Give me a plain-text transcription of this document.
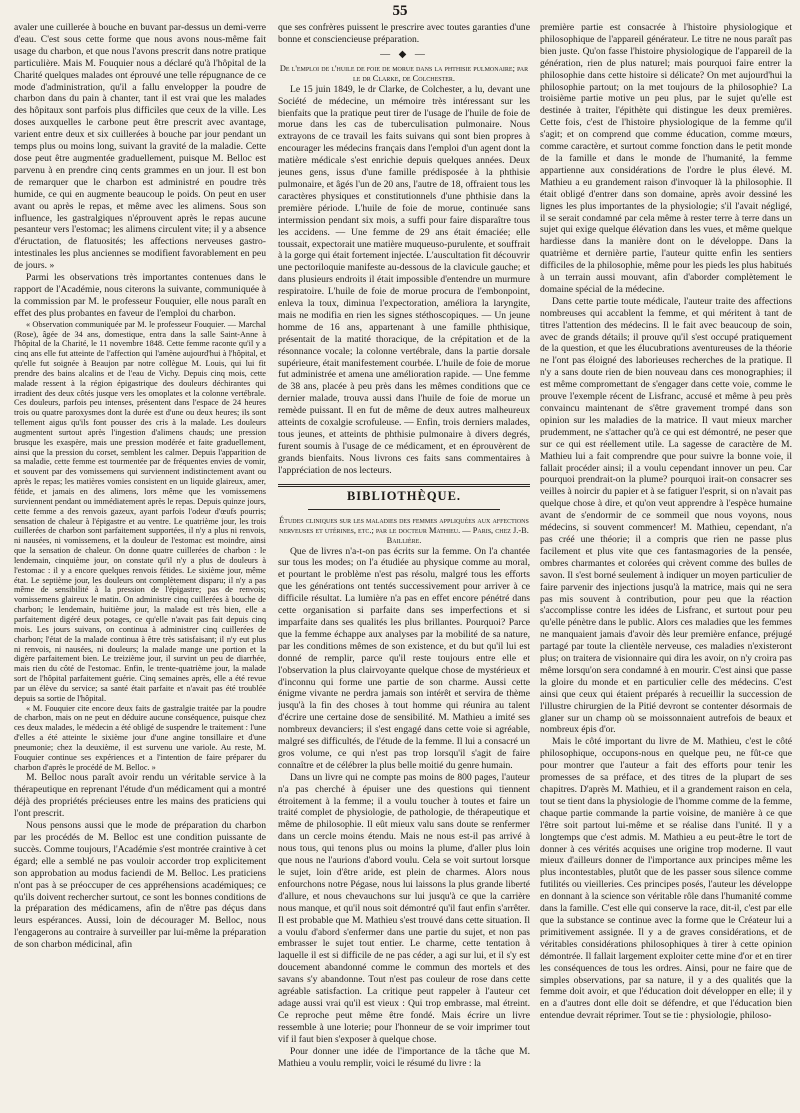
55

avaler une cuillerée à bouche en buvant par-dessus un demi-verre d'eau. C'est sous cette forme que nous avons nous-même fait usage du charbon, et que nous l'avons prescrit dans notre pratique particulière. Mais M. Fouquier nous a déclaré qu'à l'hôpital de la Charité quelques malades ont éprouvé une telle répugnance de ce mode d'administration, qu'il a fallu envelopper la poudre de charbon dans du pain à chanter, tant il est vrai que les malades des hôpitaux sont parfois plus difficiles que ceux de la ville. Les doses auxquelles le carbone peut être prescrit avec avantage, varient entre deux et six cuillerées à bouche par jour pendant un temps plus ou moins long, suivant la gravité de la maladie. Cette dose peut être augmentée graduellement, puisque M. Belloc est parvenu à en prendre cinq cents grammes en un jour. Il est bon de remarquer que le charbon est administré en poudre très humide, ce qui en augmente beaucoup le poids. On peut en user avant ou après le repas, et même avec les alimens. Sous son influence, les gastralgiques n'éprouvent après le repas aucune pesanteur vers l'estomac; les alimens circulent vite; il y a absence d'éructation, de flatuosités; les affections nerveuses gastro-intestinales les plus anciennes se modifient favorablement en peu de jours. »

Parmi les observations très importantes contenues dans le rapport de l'Académie, nous citerons la suivante, communiquée à la commission par M. le professeur Fouquier, elle nous paraît en effet des plus probantes en faveur de l'emploi du charbon.

« Observation communiquée par M. le professeur Fouquier. — Marchal (Rose), âgée de 34 ans, domestique, entra dans la salle Saint-Anne à l'hôpital de la Charité, le 11 novembre 1848. Cette femme raconte qu'il y a cinq ans elle fut atteinte de l'affection qui l'amène aujourd'hui à l'hôpital, et qu'elle fut soignée à Beaujon par notre collègue M. Louis, qui lui fit prendre des bains alcalins et de l'eau de Vichy. Depuis cinq mois, cette malade ressent à la région épigastrique des douleurs déchirantes qui irradient des deux côtés jusque vers les omoplates et la colonne vertébrale. Ces douleurs, parfois peu intenses, présentent dans l'espace de 24 heures trois ou quatre paroxysmes dont la durée est d'une ou deux heures; ils sont tellement aigus qu'ils font pousser des cris à la malade. Les douleurs augmentent surtout après l'ingestion d'alimens chauds; une pression brusque les exaspère, mais une pression modérée et faite graduellement, ainsi que la pression du corset, semblent les calmer. Depuis l'apparition de sa maladie, cette femme est tourmentée par de fréquentes envies de vomir, et souvent par des vomissemens qui surviennent indistinctement avant ou après le repas; les matières vomies consistent en un liquide glaireux, amer, fétide, et jamais en des alimens, lors même que les vomissemens surviennent pendant ou immédiatement après le repas. Depuis quinze jours, cette femme a des renvois gazeux, ayant parfois l'odeur d'œufs pourris; sensation de chaleur à l'épigastre et au ventre. Le quatrième jour, les trois cuillerées de charbon sont parfaitement supportées, il n'y a plus ni renvois, ni nausées, ni vomissemens, et la douleur de l'estomac est moindre, ainsi que la sensation de chaleur. On donne quatre cuillerées de charbon : le lendemain, cinquième jour, on constate qu'il n'y a plus de douleurs à l'estomac : il y a encore quelques renvois fétides. Le sixième jour, même état. Le septième jour, les douleurs ont complètement disparu; il n'y a pas même de sensibilité à la pression de l'épigastre; pas de renvois; vomissemens glaireux le matin. On administre cinq cuillerées à bouche de charbon; le lendemain, huitième jour, la malade est très bien, elle a parfaitement digéré deux potages, ce qu'elle n'avait pas fait depuis cinq mois. Les jours suivans, on continua à administrer cinq cuillerées de charbon; l'état de la malade continua à être très satisfaisant; il n'y eut plus ni renvois, ni nausées, ni douleurs; la malade mange une portion et la digère parfaitement bien. Le treizième jour, il survint un peu de diarrhée, mais rien du côté de l'estomac. Enfin, le trente-quatrième jour, la malade sort de l'hôpital parfaitement guérie. Cinq semaines après, elle a été revue par un élève du service; sa santé était parfaite et n'avait pas été troublée depuis sa sortie de l'hôpital.

« M. Fouquier cite encore deux faits de gastralgie traitée par la poudre de charbon, mais on ne peut en déduire aucune conséquence, puisque chez ces deux malades, le médecin a été obligé de suspendre le traitement : l'une d'elles a été atteinte le sixième jour d'une angine tonsillaire et d'une pneumonie; chez la deuxième, il est survenu une variole. Au reste, M. Fouquier continue ses expériences et a l'intention de faire préparer du charbon d'après le procédé de M. Belloc. »

M. Belloc nous paraît avoir rendu un véritable service à la thérapeutique en reprenant l'étude d'un médicament qui a montré déjà des propriétés précieuses entre les mains des praticiens qui l'ont prescrit.

Nous pensons aussi que le mode de préparation du charbon par les procédés de M. Belloc est une condition puissante de succès. Comme toujours, l'Académie s'est montrée craintive à cet égard; elle a semblé ne pas vouloir accorder trop explicitement son approbation au modus faciendi de M. Belloc. Les praticiens n'ont pas à se préoccuper de ces appréhensions académiques; ce qu'ils doivent rechercher surtout, ce sont les bonnes conditions de la préparation des médicamens, afin de n'être pas déçus dans leurs espérances. Aussi, loin de décourager M. Belloc, nous l'engagerons au contraire à surveiller par lui-même la préparation de son charbon médicinal, afin

que ses confrères puissent le prescrire avec toutes garanties d'une bonne et consciencieuse préparation.

— ◆ —

De l'emploi de l'huile de foie de morue dans la phthisie pulmonaire; par le dr Clarke, de Colchester.

Le 15 juin 1849, le dr Clarke, de Colchester, a lu, devant une Société de médecine, un mémoire très intéressant sur les bienfaits que la pratique peut tirer de l'usage de l'huile de foie de morue dans les cas de tuberculisation pulmonaire. Nous extrayons de ce travail les faits suivans qui sont bien propres à encourager les médecins français dans l'emploi d'un agent dont la matière médicale s'est enrichie depuis quelques années. Deux jeunes gens, issus d'une famille prédisposée à la phthisie pulmonaire, et âgés l'un de 20 ans, l'autre de 18, offraient tous les caractères physiques et constitutionnels d'une phthisie dans la première période. L'huile de foie de morue, continuée sans intermission pendant six mois, a suffi pour faire disparaître tous les accidens. — Une femme de 29 ans était émaciée; elle toussait, expectorait une matière muqueuso-purulente, et souffrait à la gorge qui était fortement injectée. L'auscultation fit découvrir une pectoriloquie manifeste au-dessous de la clavicule gauche; et dans plusieurs endroits il était impossible d'entendre un murmure respiratoire. L'huile de foie de morue procura de l'embonpoint, enleva la toux, diminua l'expectoration, améliora la laryngite, mais ne modifia en rien les signes stéthoscopiques. — Un jeune homme de 16 ans, appartenant à une famille phthisique, présentait de la matité thoracique, de la crépitation et de la résonnance vocale; la colonne vertébrale, dans la partie dorsale supérieure, était manifestement courbée. L'huile de foie de morue fut administrée et amena une amélioration rapide. — Une femme de 38 ans, placée à peu près dans les mêmes conditions que ce dernier malade, trouva aussi dans l'huile de foie de morue un remède puissant. Il en fut de même de deux autres malheureux atteints de coxalgie scrofuleuse. — Enfin, trois derniers malades, tous jeunes, et atteints de phthisie pulmonaire à divers degrés, furent soumis à l'usage de ce médicament, et en éprouvèrent de grands bienfaits. Nous livrons ces faits sans commentaires à l'appréciation de nos lecteurs.

BIBLIOTHÈQUE.

Études cliniques sur les maladies des femmes appliquées aux affections nerveuses et utérines, etc.; par le docteur Mathieu. — Paris, chez J.-B. Baillière.

Que de livres n'a-t-on pas écrits sur la femme. On l'a chantée sur tous les modes; on l'a étudiée au physique comme au moral, et pourtant le problème n'est pas résolu, malgré tous les efforts que les générations ont tentés successivement pour arriver à ce difficile résultat. La lumière n'a pas en effet encore pénétré dans cette organisation si parfaite dans ses imperfections et si imparfaite dans ses qualités les plus brillantes. Pourquoi? Parce que la femme échappe aux analyses par la mobilité de sa nature, par les conditions mêmes de son existence, et du but qu'il lui est donné de remplir, parce qu'il reste toujours entre elle et l'observation la plus clairvoyante quelque chose de mystérieux et d'inconnu qui forme une partie de son charme. Aussi cette énigme vivante ne perdra jamais son intérêt et servira de thème jusqu'à la fin des choses à tout homme qui réunira au talent d'écrire une certaine dose de sensibilité. M. Mathieu a imité ses nombreux devanciers; il s'est engagé dans cette voie si agréable, malgré ses difficultés, de l'étude de la femme. Il lui a consacré un gros volume, ce qui n'est pas trop lorsqu'il s'agit de faire connaître et de célébrer la plus belle moitié du genre humain.

Dans un livre qui ne compte pas moins de 800 pages, l'auteur n'a pas cherché à épuiser une des questions qui tiennent étroitement à la femme; il a voulu toucher à toutes et faire un traité complet de physiologie, de pathologie, de thérapeutique et même de philosophie. Il eût mieux valu sans doute se renfermer dans un cercle moins étendu. Mais ne nous est-il pas arrivé à nous tous, qui tenons plus ou moins la plume, d'aller plus loin que nous ne l'aurions d'abord voulu. Cela se voit surtout lorsque le sujet, loin d'être aride, est plein de charmes. Alors nous enfourchons notre Pégase, nous lui laissons la plus grande liberté d'allure, et nous chevauchons sur lui jusqu'à ce que la carrière nous manque, et qu'il nous soit démontré qu'il faut enfin s'arrêter. Il est probable que M. Mathieu s'est trouvé dans cette situation. Il a voulu d'abord s'enfermer dans une partie du sujet, et non pas embrasser le sujet tout entier. Le charme, cette tentation à laquelle il est si difficile de ne pas céder, a agi sur lui, et il s'y est doucement abandonné comme le commun des mortels et des savans s'y abandonne. Tout n'est pas couleur de rose dans cette agréable satisfaction. La critique peut rappeler à l'auteur cet adage aussi vrai qu'il est vieux : Qui trop embrasse, mal étreint. Ce reproche peut même être fondé. Mais écrire un livre ressemble à une loterie; pour l'honneur de se voir imprimer tout vif il faut bien s'exposer à quelque chose.

Pour donner une idée de l'importance de la tâche que M. Mathieu a voulu remplir, voici le résumé du livre : la

première partie est consacrée à l'histoire physiologique et philosophique de l'appareil générateur. Le titre ne nous paraît pas bien juste. Qu'on fasse l'histoire physiologique de l'appareil de la génération, rien de plus naturel; mais pourquoi faire entrer la philosophie dans cette histoire si délicate? On met aujourd'hui la philosophie partout; on la met toujours de la philosophie? La troisième partie motive un peu plus, par le sujet qu'elle est destinée à traiter, l'épithète qui distingue les deux premières. Cette fois, c'est de l'histoire physiologique de la femme qu'il s'agit; et on comprend que comme éducation, comme mœurs, comme caractère, et surtout comme fonction dans le petit monde de la famille et dans le monde de l'humanité, la femme appartienne aux considérations de l'ordre le plus élevé. M. Mathieu a eu grandement raison d'invoquer là la philosophie. Il était obligé d'entrer dans son domaine, après avoir dessiné les lignes les plus importantes de la physiologie; s'il l'avait négligé, il se serait condamné par cela même à rester terre à terre dans un sujet qui exige quelque élévation dans les vues, et même quelque hardiesse dans la manière dont on le développe. Dans la quatrième et dernière partie, l'auteur quitte enfin les sentiers difficiles de la philosophie, même pour les pieds les plus habitués à un terrain aussi mouvant, afin d'aborder complètement le domaine spécial de la médecine.

Dans cette partie toute médicale, l'auteur traite des affections nombreuses qui accablent la femme, et qui méritent à tant de titres l'attention des médecins. Il le fait avec beaucoup de soin, avec de grands détails; il prouve qu'il s'est occupé pratiquement de la question, et que les élucubrations aventureuses de la théorie ne l'ont pas éloigné des laborieuses recherches de la pratique. Il n'y a sans doute rien de bien nouveau dans ces monographies; il est même compromettant de s'engager dans cette voie, comme le prouve l'exemple récent de Lisfranc, accusé et même à peu près convaincu maintenant de s'être gravement trompé dans son opinion sur les maladies de la matrice. Il vaut mieux marcher prudemment, ne s'attacher qu'à ce qui est démontré, ne peser que sur ce qui est réellement utile. La sagesse de caractère de M. Mathieu lui a fait comprendre que pour suivre la bonne voie, il fallait procéder ainsi; il a voulu cependant innover un peu. Car pourquoi prendrait-on la plume? pourquoi irait-on consacrer ses veilles à noircir du papier et à se fatiguer l'esprit, si on n'avait pas quelque chose à dire, et qu'on veut apprendre à l'espèce humaine avant de s'endormir de ce sommeil que nous voyons, nous médecins, si souvent commencer! M. Mathieu, cependant, n'a pas créé une théorie; il a compris que rien ne passe plus facilement et plus vite que ces fantasmagories de la pensée, ombres charmantes et colorées qui crèvent comme des bulles de savon. Il s'est borné seulement à indiquer un moyen particulier de faire parvenir des injections jusqu'à la matrice, mais qui ne sera pas mis souvent à contribution, pour peu que la réaction s'accomplisse contre les idées de Lisfranc, et surtout pour peu qu'elle pénètre dans le public. Alors ces maladies que les femmes ne manquaient jamais d'avoir dès leur première enfance, préjugé partagé par toute la clientèle nerveuse, ces maladies n'existeront plus; on traitera de visionnaire qui dira les avoir, on n'y croira pas même lorsqu'on sera condamné à en mourir. C'est ainsi que passe la gloire du monde et en particulier celle des médecins. C'est ainsi que ceux qui étaient préparés à recueillir la succession de l'illustre chirurgien de la Pitié devront se contenter désormais de glaner sur un champ où se moissonnaient autrefois de beaux et nombreux épis d'or.

Mais le côté important du livre de M. Mathieu, c'est le côté philosophique, occupons-nous en quelque peu, ne fût-ce que pour montrer que l'auteur a fait des efforts pour tenir les promesses de sa préface, et des titres de la plupart de ses chapitres. D'après M. Mathieu, et il a grandement raison en cela, tout se tient dans la physiologie de l'homme comme de la femme, chaque partie commande la partie voisine, de manière à ce que l'être soit partout lui-même et se réalise dans l'unité. Il y a longtemps que c'est admis. M. Mathieu a eu peut-être le tort de donner à ces vérités acquises une origine trop moderne. Il vaut mieux d'ailleurs donner de l'importance aux principes même les plus incontestables, plutôt que de les passer sous silence comme futilités ou vieilleries. Ces principes posés, l'auteur les développe en donnant à la science son véritable rôle dans l'humanité comme dans la famille. C'est elle qui conserve la race, dit-il, c'est par elle que la substance se continue avec la forme que le Créateur lui a primitivement assignée. Il y a de graves considérations, et de véritables considérations philosophiques à tirer à cette opinion démontrée. Il fallait largement exploiter cette mine d'or et en tirer les conséquences de tous les ordres. Ainsi, pour ne faire que de simples observations, par sa nature, il y a des qualités que la femme doit avoir, et que l'éducation doit développer en elle; il y en a d'autres dont elle doit se défendre, et que l'éducation bien entendue devrait réprimer. Tout se tie : physiologie, philoso-
